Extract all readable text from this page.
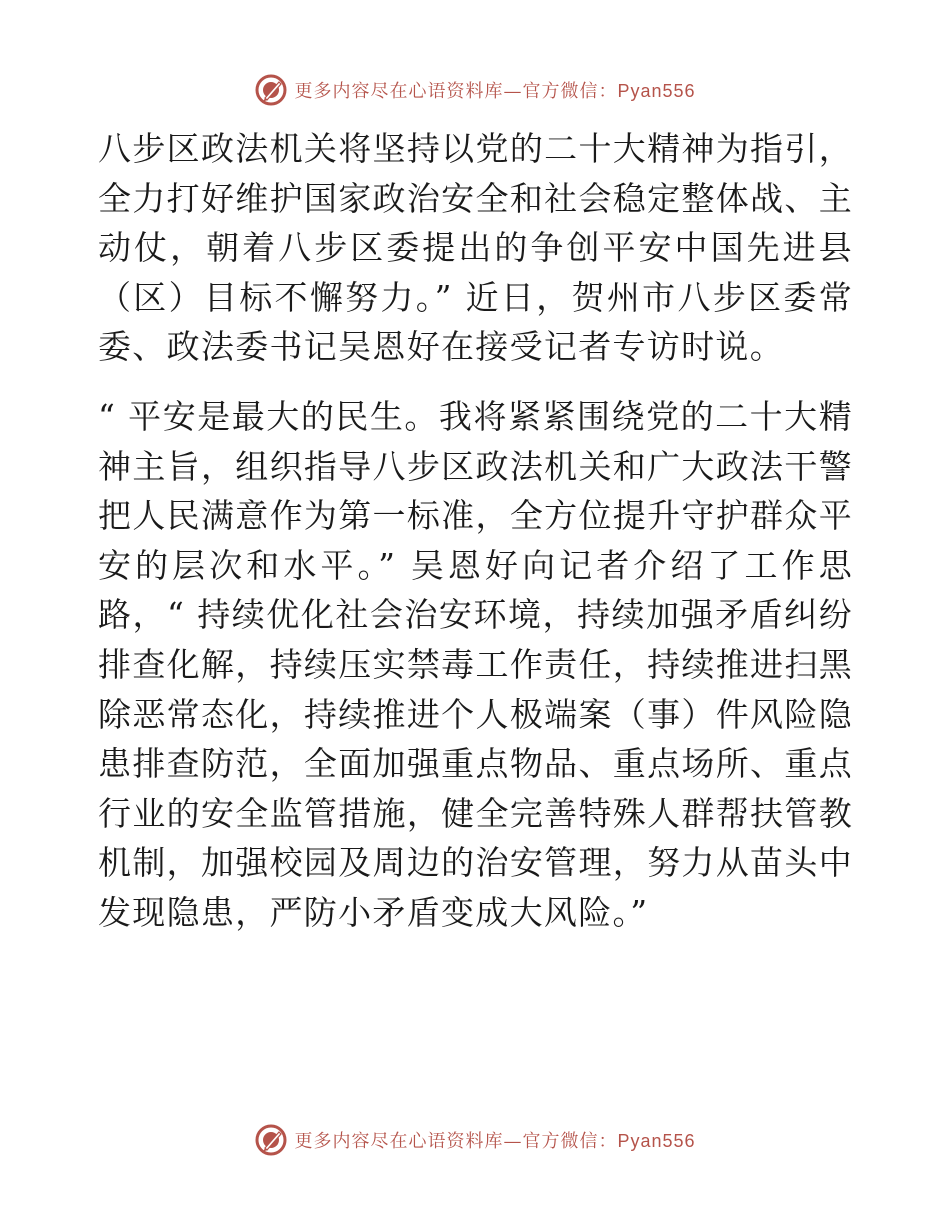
更多内容尽在心语资料库—官方微信：Pyan556

八步区政法机关将坚持以党的二十大精神为指引，全力打好维护国家政治安全和社会稳定整体战、主动仗，朝着八步区委提出的争创平安中国先进县（区）目标不懈努力。” 近日，贺州市八步区委常委、政法委书记吴恩好在接受记者专访时说。

“ 平安是最大的民生。我将紧紧围绕党的二十大精神主旨，组织指导八步区政法机关和广大政法干警把人民满意作为第一标准，全方位提升守护群众平安的层次和水平。” 吴恩好向记者介绍了工作思路，“ 持续优化社会治安环境，持续加强矛盾纠纷排查化解，持续压实禁毒工作责任，持续推进扫黑除恶常态化，持续推进个人极端案（事）件风险隐患排查防范，全面加强重点物品、重点场所、重点行业的安全监管措施，健全完善特殊人群帮扶管教机制，加强校园及周边的治安管理，努力从苗头中发现隐患，严防小矛盾变成大风险。”

更多内容尽在心语资料库—官方微信：Pyan556
